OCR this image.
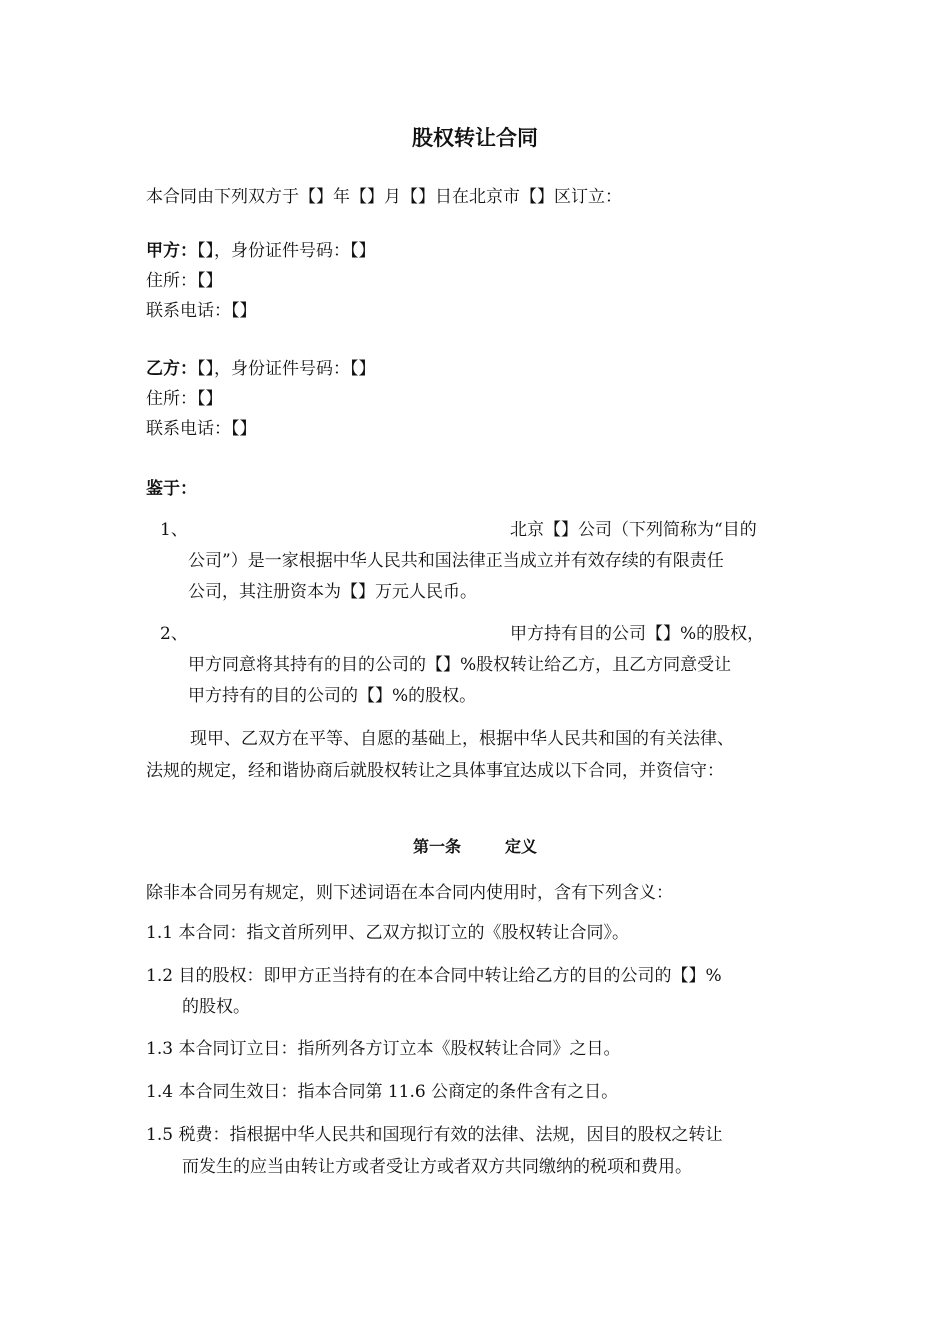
股权转让合同
本合同由下列双方于【】年【】月【】日在北京市【】区订立：
甲方：【】，身份证件号码：【】
住所：【】
联系电话：【】
乙方：【】，身份证件号码：【】
住所：【】
联系电话：【】
鉴于：
1、	北京【】公司（下列简称为“目的
公司”）是一家根据中华人民共和国法律正当成立并有效存续的有限责任
公司，其注册资本为【】万元人民币。
2、	甲方持有目的公司【】%的股权，
甲方同意将其持有的目的公司的【】%股权转让给乙方，且乙方同意受让
甲方持有的目的公司的【】%的股权。
现甲、乙双方在平等、自愿的基础上，根据中华人民共和国的有关法律、
法规的规定，经和谐协商后就股权转让之具体事宜达成以下合同，并资信守：
第一条	定义
除非本合同另有规定，则下述词语在本合同内使用时，含有下列含义：
1.1 本合同：指文首所列甲、乙双方拟订立的《股权转让合同》。
1.2 目的股权：即甲方正当持有的在本合同中转让给乙方的目的公司的【】%
的股权。
1.3 本合同订立日：指所列各方订立本《股权转让合同》之日。
1.4 本合同生效日：指本合同第 11.6 公商定的条件含有之日。
1.5 税费：指根据中华人民共和国现行有效的法律、法规，因目的股权之转让
而发生的应当由转让方或者受让方或者双方共同缴纳的税项和费用。
